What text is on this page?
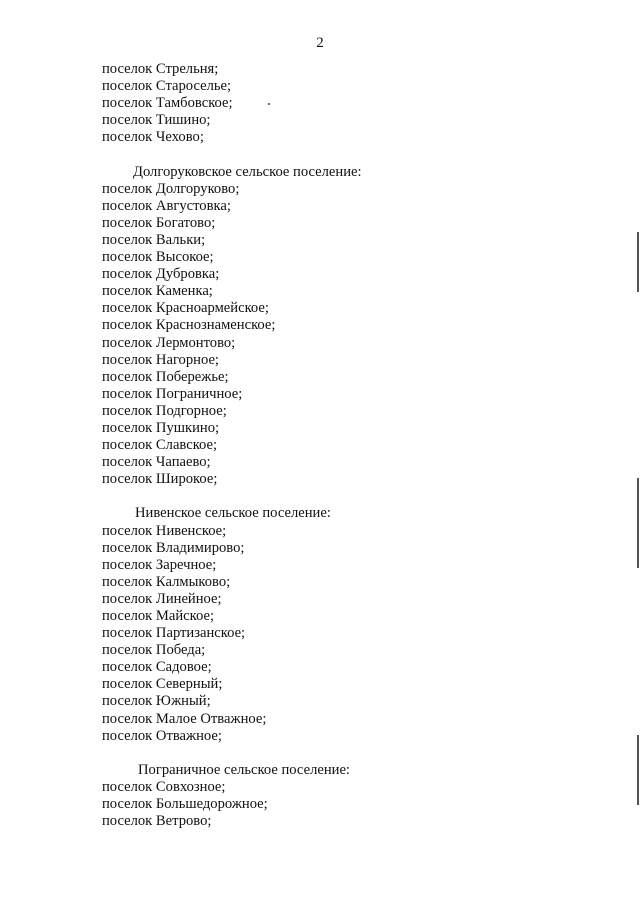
2
поселок Стрельня;
поселок Староселье;
поселок Тамбовское;
поселок Тишино;
поселок Чехово;
Долгоруковское сельское поселение:
поселок Долгоруково;
поселок Августовка;
поселок Богатово;
поселок Вальки;
поселок Высокое;
поселок Дубровка;
поселок Каменка;
поселок Красноармейское;
поселок Краснознаменское;
поселок Лермонтово;
поселок Нагорное;
поселок Побережье;
поселок Пограничное;
поселок Подгорное;
поселок Пушкино;
поселок Славское;
поселок Чапаево;
поселок Широкое;
Нивенское сельское поселение:
поселок Нивенское;
поселок Владимирово;
поселок Заречное;
поселок Калмыково;
поселок Линейное;
поселок Майское;
поселок Партизанское;
поселок Победа;
поселок Садовое;
поселок Северный;
поселок Южный;
поселок Малое Отважное;
поселок Отважное;
Пограничное сельское поселение:
поселок Совхозное;
поселок Большедорожное;
поселок Ветрово;
